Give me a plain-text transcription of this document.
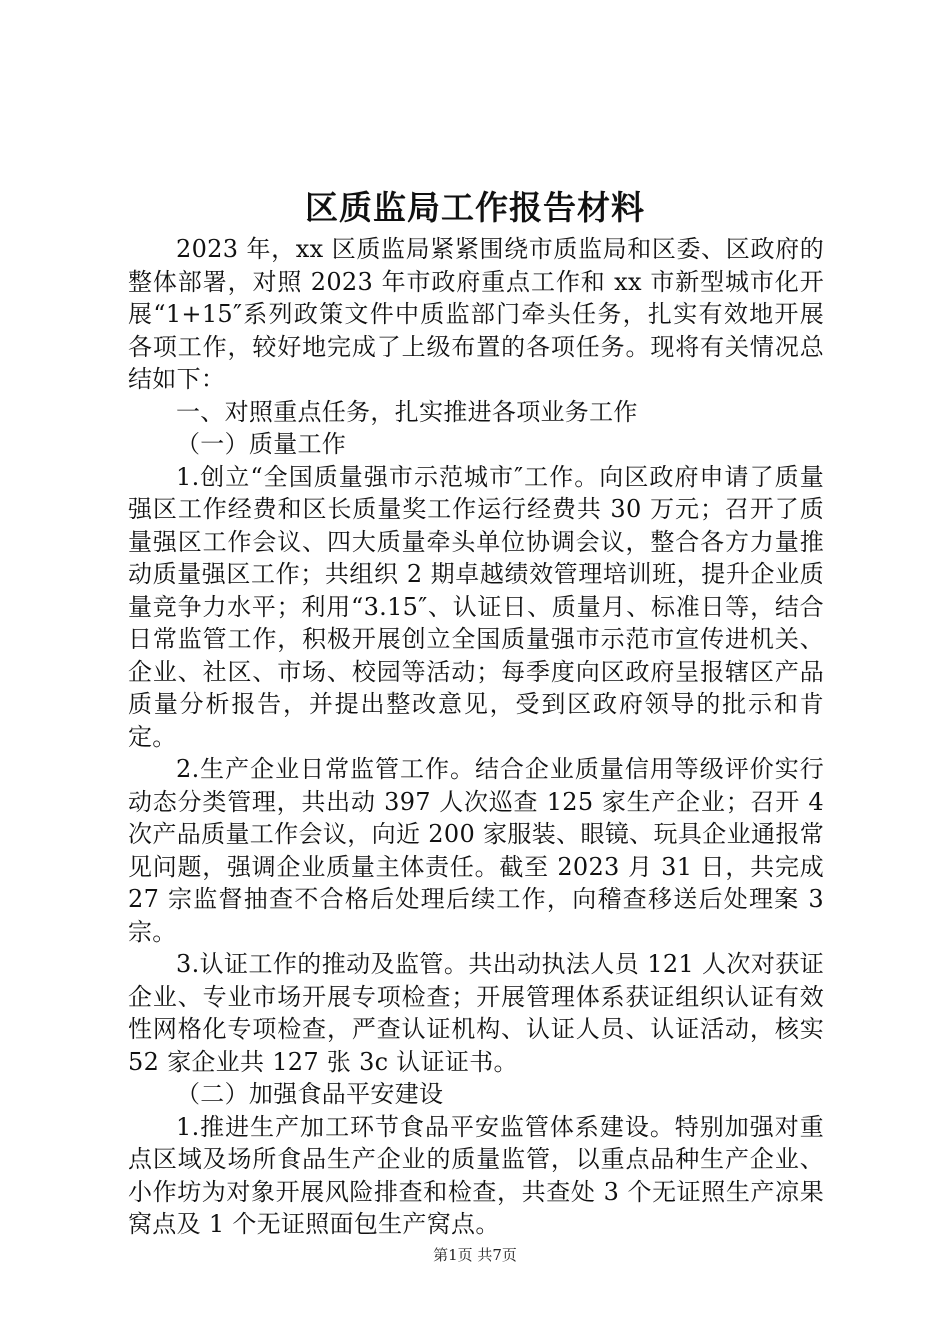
区质监局工作报告材料

2023 年，xx 区质监局紧紧围绕市质监局和区委、区政府的整体部署，对照 2023 年市政府重点工作和 xx 市新型城市化开展“1+15″系列政策文件中质监部门牵头任务，扎实有效地开展各项工作，较好地完成了上级布置的各项任务。现将有关情况总结如下：

一、对照重点任务，扎实推进各项业务工作

（一）质量工作

1.创立“全国质量强市示范城市″工作。向区政府申请了质量强区工作经费和区长质量奖工作运行经费共 30 万元；召开了质量强区工作会议、四大质量牵头单位协调会议，整合各方力量推动质量强区工作；共组织 2 期卓越绩效管理培训班，提升企业质量竞争力水平；利用“3.15″、认证日、质量月、标准日等，结合日常监管工作，积极开展创立全国质量强市示范市宣传进机关、企业、社区、市场、校园等活动；每季度向区政府呈报辖区产品质量分析报告，并提出整改意见，受到区政府领导的批示和肯定。

2.生产企业日常监管工作。结合企业质量信用等级评价实行动态分类管理，共出动 397 人次巡查 125 家生产企业；召开 4 次产品质量工作会议，向近 200 家服装、眼镜、玩具企业通报常见问题，强调企业质量主体责任。截至 2023 月 31 日，共完成 27 宗监督抽查不合格后处理后续工作，向稽查移送后处理案 3 宗。

3.认证工作的推动及监管。共出动执法人员 121 人次对获证企业、专业市场开展专项检查；开展管理体系获证组织认证有效性网格化专项检查，严查认证机构、认证人员、认证活动，核实 52 家企业共 127 张 3c 认证证书。

（二）加强食品平安建设

1.推进生产加工环节食品平安监管体系建设。特别加强对重点区域及场所食品生产企业的质量监管，以重点品种生产企业、小作坊为对象开展风险排查和检查，共查处 3 个无证照生产凉果窝点及 1 个无证照面包生产窝点。

第1页 共7页
